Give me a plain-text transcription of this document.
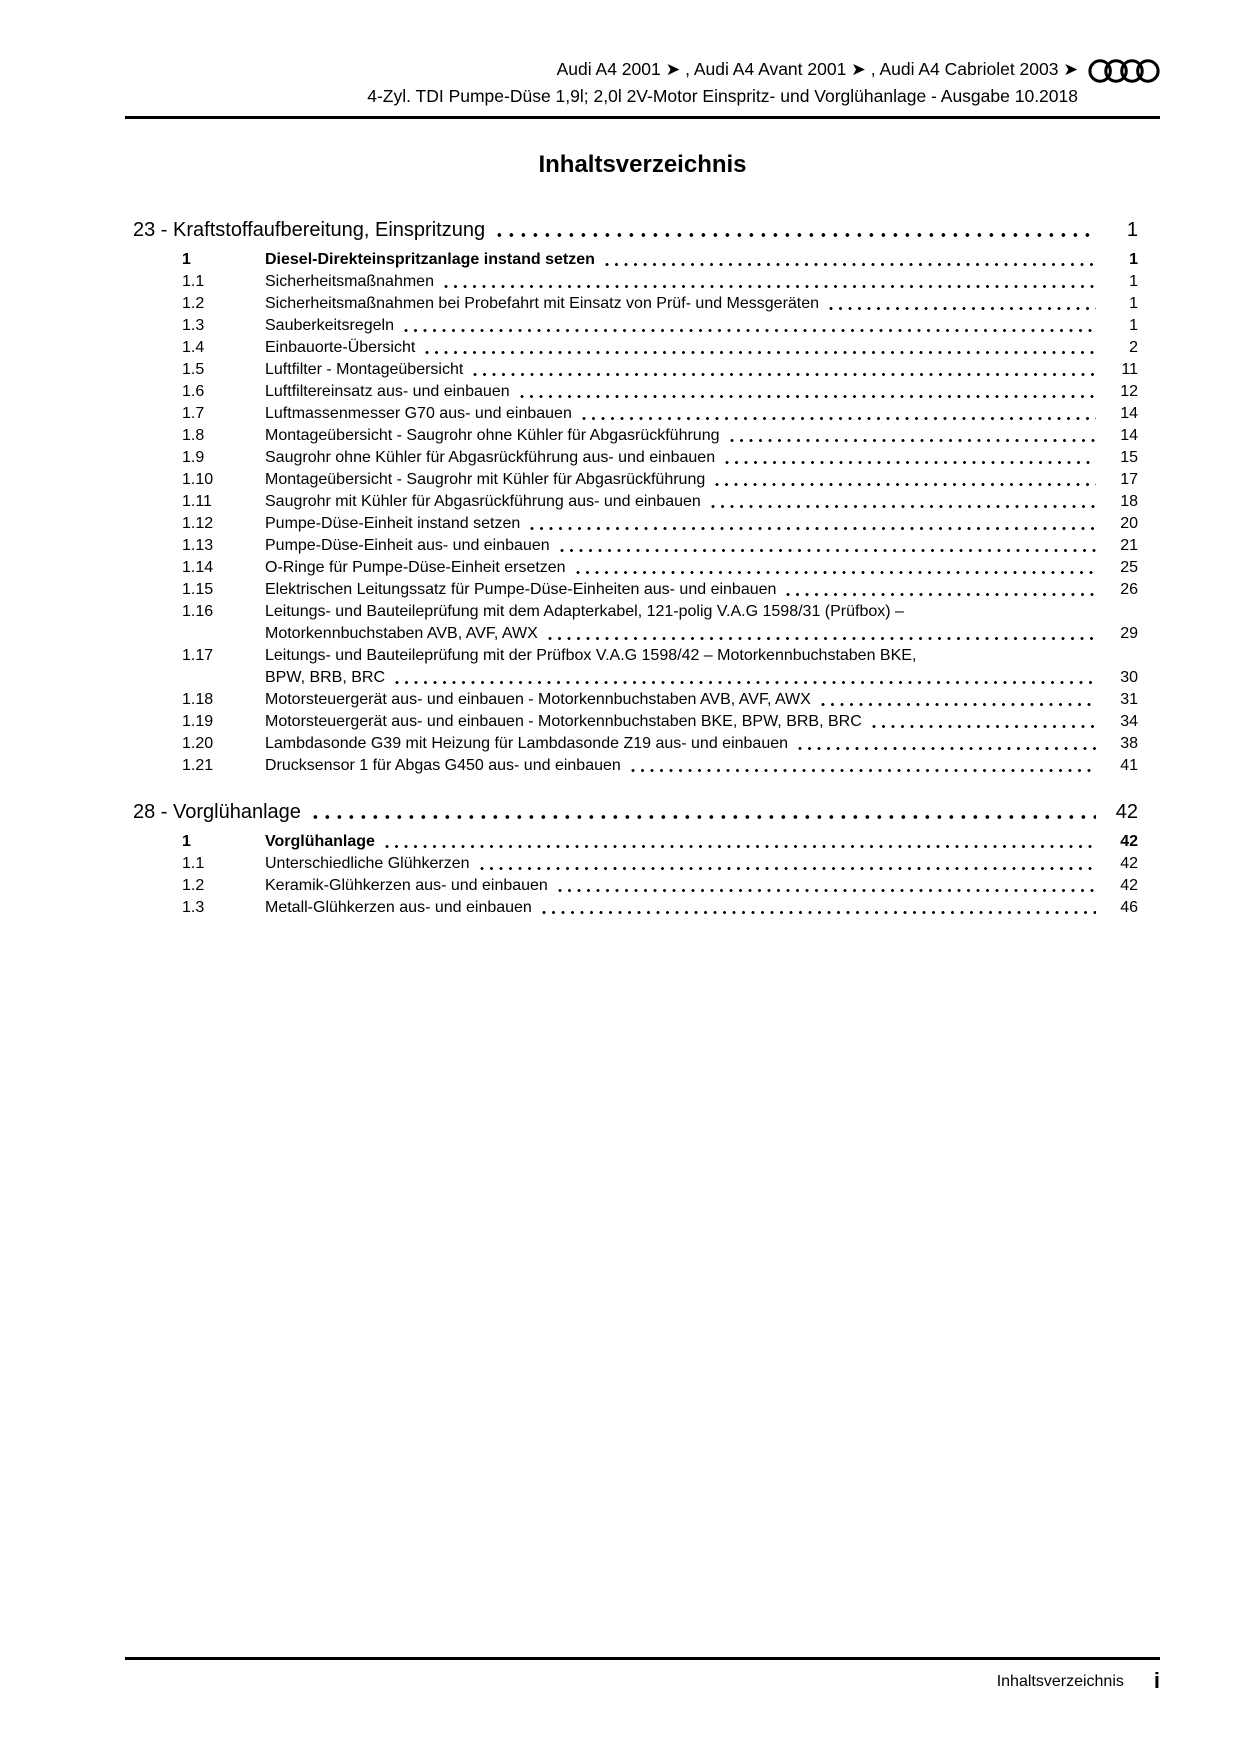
Audi A4 2001 ➤ , Audi A4 Avant 2001 ➤ , Audi A4 Cabriolet 2003 ➤
4-Zyl. TDI Pumpe-Düse 1,9l; 2,0l 2V-Motor Einspritz- und Vorglühanlage - Ausgabe 10.2018
Inhaltsverzeichnis
23 - Kraftstoffaufbereitung, Einspritzung	1
1	Diesel-Direkteinspritzanlage instand setzen	1
1.1	Sicherheitsmaßnahmen	1
1.2	Sicherheitsmaßnahmen bei Probefahrt mit Einsatz von Prüf- und Messgeräten	1
1.3	Sauberkeitsregeln	1
1.4	Einbauorte-Übersicht	2
1.5	Luftfilter - Montageübersicht	11
1.6	Luftfiltereinsatz aus- und einbauen	12
1.7	Luftmassenmesser G70 aus- und einbauen	14
1.8	Montageübersicht - Saugrohr ohne Kühler für Abgasrückführung	14
1.9	Saugrohr ohne Kühler für Abgasrückführung aus- und einbauen	15
1.10	Montageübersicht - Saugrohr mit Kühler für Abgasrückführung	17
1.11	Saugrohr mit Kühler für Abgasrückführung aus- und einbauen	18
1.12	Pumpe-Düse-Einheit instand setzen	20
1.13	Pumpe-Düse-Einheit aus- und einbauen	21
1.14	O-Ringe für Pumpe-Düse-Einheit ersetzen	25
1.15	Elektrischen Leitungssatz für Pumpe-Düse-Einheiten aus- und einbauen	26
1.16	Leitungs- und Bauteileprüfung mit dem Adapterkabel, 121-polig V.A.G 1598/31 (Prüfbox) –
Motorkennbuchstaben AVB, AVF, AWX	29
1.17	Leitungs- und Bauteileprüfung mit der Prüfbox V.A.G 1598/42 – Motorkennbuchstaben BKE,
BPW, BRB, BRC	30
1.18	Motorsteuergerät aus- und einbauen - Motorkennbuchstaben AVB, AVF, AWX	31
1.19	Motorsteuergerät aus- und einbauen - Motorkennbuchstaben BKE, BPW, BRB, BRC	34
1.20	Lambdasonde G39 mit Heizung für Lambdasonde Z19 aus- und einbauen	38
1.21	Drucksensor 1 für Abgas G450 aus- und einbauen	41
28 - Vorglühanlage	42
1	Vorglühanlage	42
1.1	Unterschiedliche Glühkerzen	42
1.2	Keramik-Glühkerzen aus- und einbauen	42
1.3	Metall-Glühkerzen aus- und einbauen	46
Inhaltsverzeichnis i
